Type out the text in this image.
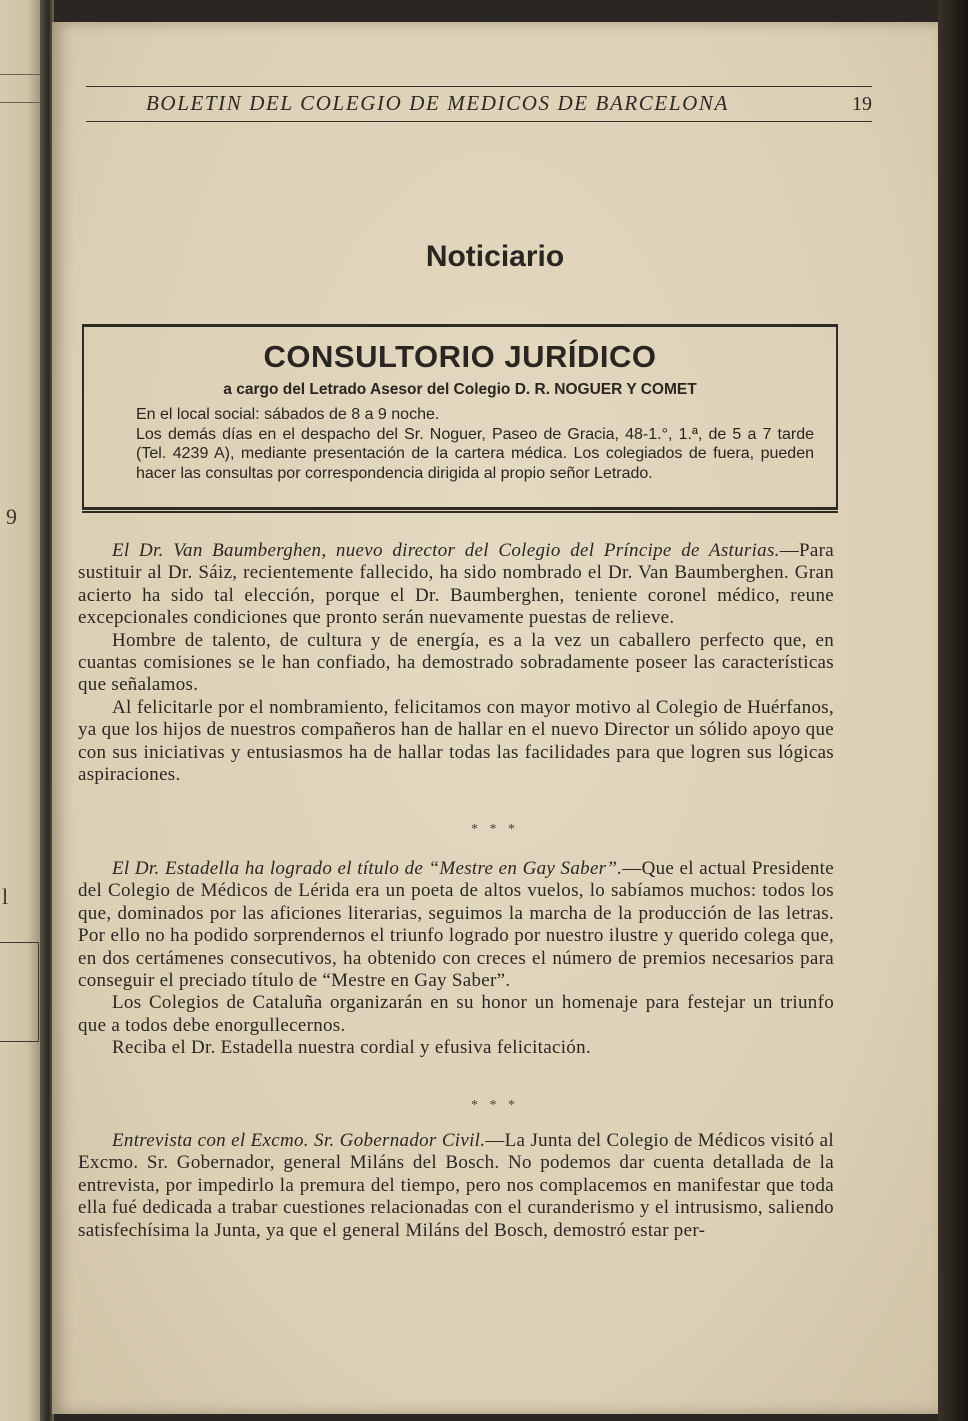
9
l
BOLETIN DEL COLEGIO DE MEDICOS DE BARCELONA	19
Noticiario
CONSULTORIO JURÍDICO
a cargo del Letrado Asesor del Colegio D. R. NOGUER Y COMET
En el local social: sábados de 8 a 9 noche.
Los demás días en el despacho del Sr. Noguer, Paseo de Gracia, 48-1.°, 1.ª, de 5 a 7 tarde (Tel. 4239 A), mediante presentación de la cartera médica. Los colegiados de fuera, pueden hacer las consultas por correspondencia dirigida al propio señor Letrado.

El Dr. Van Baumberghen, nuevo director del Colegio del Príncipe de Asturias.—Para sustituir al Dr. Sáiz, recientemente fallecido, ha sido nombrado el Dr. Van Baumberghen. Gran acierto ha sido tal elección, porque el Dr. Baumberghen, teniente coronel médico, reune excepcionales condiciones que pronto serán nuevamente puestas de relieve.

Hombre de talento, de cultura y de energía, es a la vez un caballero perfecto que, en cuantas comisiones se le han confiado, ha demostrado sobradamente poseer las características que señalamos.

Al felicitarle por el nombramiento, felicitamos con mayor motivo al Colegio de Huérfanos, ya que los hijos de nuestros compañeros han de hallar en el nuevo Director un sólido apoyo que con sus iniciativas y entusiasmos ha de hallar todas las facilidades para que logren sus lógicas aspiraciones.

* * *

El Dr. Estadella ha logrado el título de “Mestre en Gay Saber”.—Que el actual Presidente del Colegio de Médicos de Lérida era un poeta de altos vuelos, lo sabíamos muchos: todos los que, dominados por las aficiones literarias, seguimos la marcha de la producción de las letras. Por ello no ha podido sorprendernos el triunfo logrado por nuestro ilustre y querido colega que, en dos certámenes consecutivos, ha obtenido con creces el número de premios necesarios para conseguir el preciado título de “Mestre en Gay Saber”.

Los Colegios de Cataluña organizarán en su honor un homenaje para festejar un triunfo que a todos debe enorgullecernos.

Reciba el Dr. Estadella nuestra cordial y efusiva felicitación.

* * *

Entrevista con el Excmo. Sr. Gobernador Civil.—La Junta del Colegio de Médicos visitó al Excmo. Sr. Gobernador, general Miláns del Bosch. No podemos dar cuenta detallada de la entrevista, por impedirlo la premura del tiempo, pero nos complacemos en manifestar que toda ella fué dedicada a trabar cuestiones relacionadas con el curanderismo y el intrusismo, saliendo satisfechísima la Junta, ya que el general Miláns del Bosch, demostró estar per-
